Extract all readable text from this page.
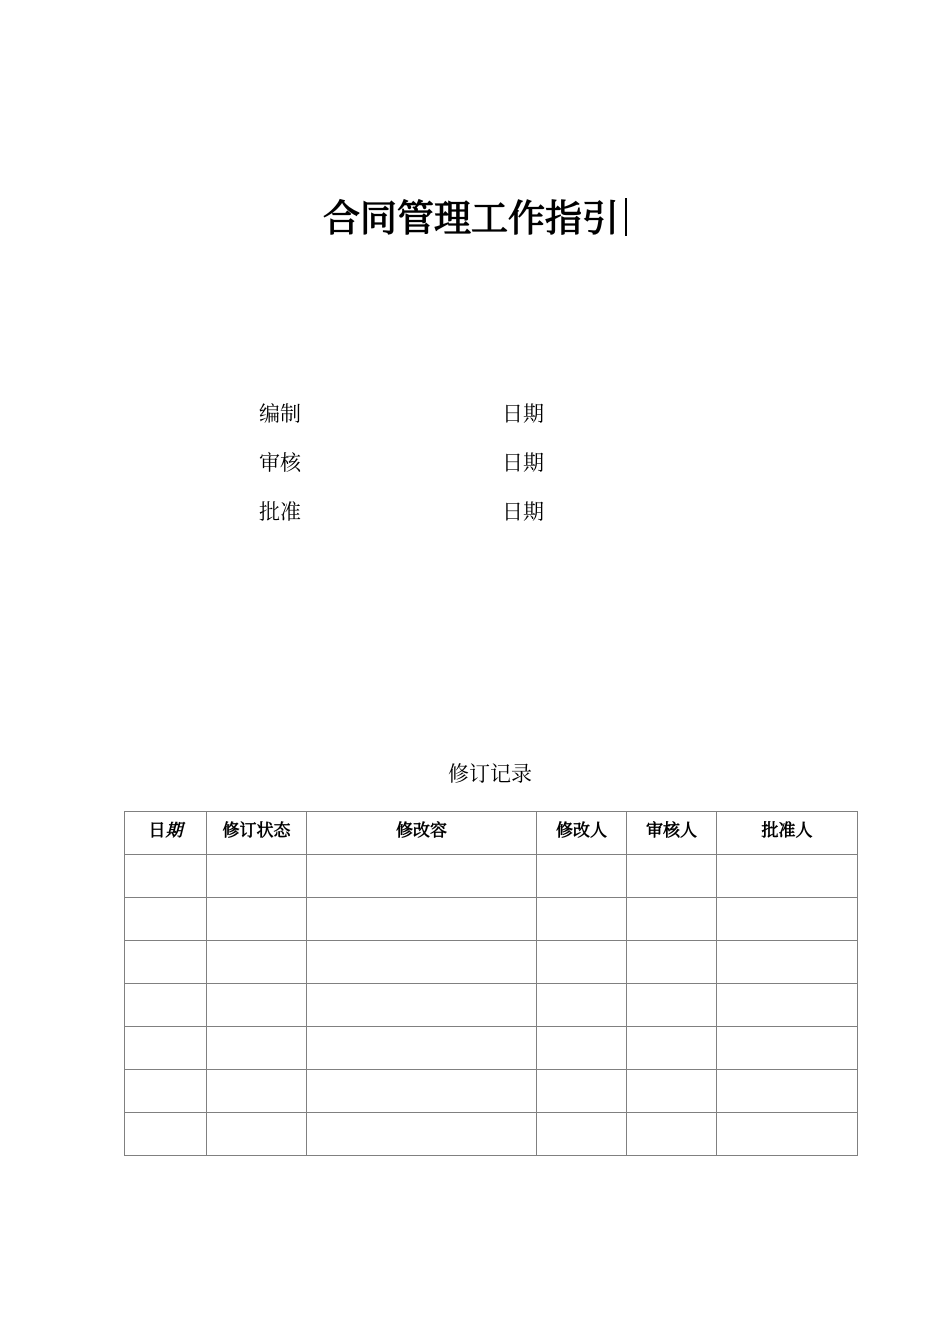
合同管理工作指引
编制	日期
审核	日期
批准	日期
修订记录
日期	修订状态	修改容	修改人	审核人	批准人
